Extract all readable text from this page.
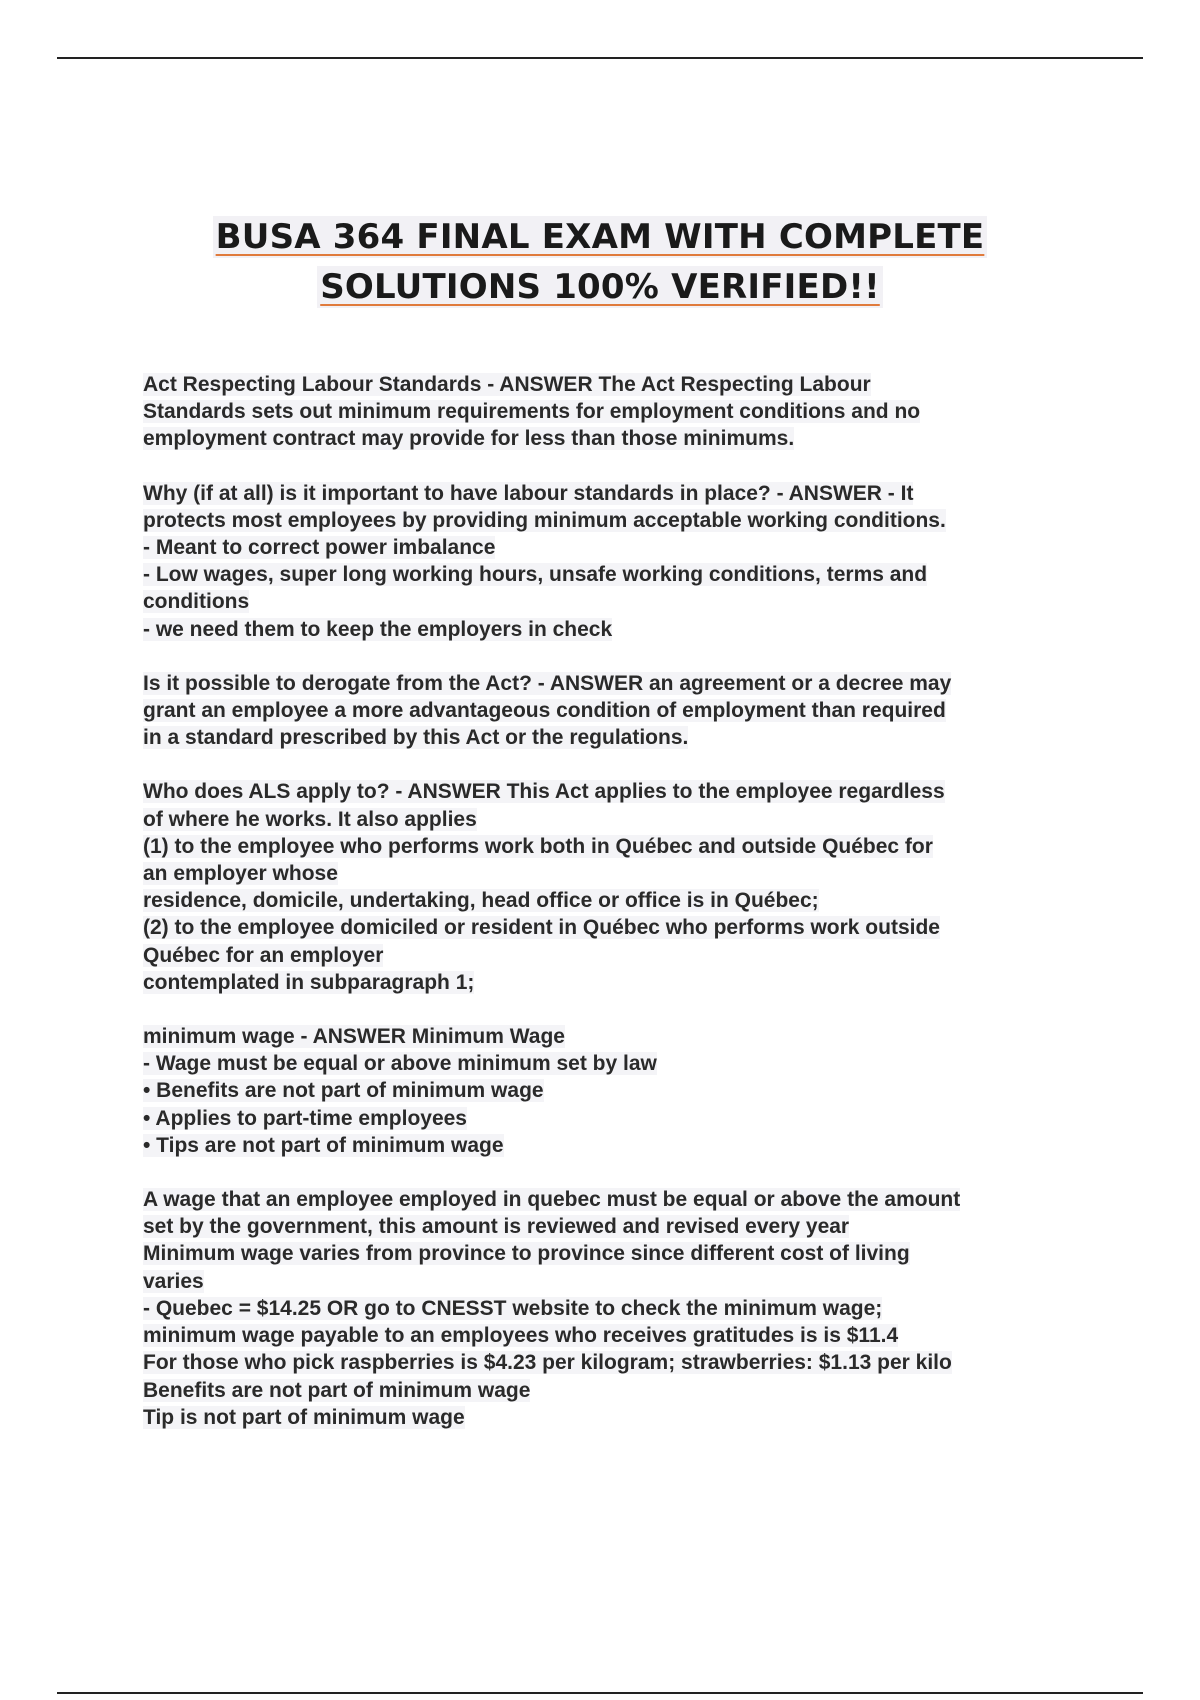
BUSA 364 FINAL EXAM WITH COMPLETE
SOLUTIONS 100% VERIFIED!!
Act Respecting Labour Standards - ANSWER The Act Respecting Labour
Standards sets out minimum requirements for employment conditions and no
employment contract may provide for less than those minimums.
Why (if at all) is it important to have labour standards in place? - ANSWER - It
protects most employees by providing minimum acceptable working conditions.
- Meant to correct power imbalance
- Low wages, super long working hours, unsafe working conditions, terms and
conditions
- we need them to keep the employers in check
Is it possible to derogate from the Act? - ANSWER an agreement or a decree may
grant an employee a more advantageous condition of employment than required
in a standard prescribed by this Act or the regulations.
Who does ALS apply to? - ANSWER This Act applies to the employee regardless
of where he works. It also applies
(1) to the employee who performs work both in Québec and outside Québec for
an employer whose
residence, domicile, undertaking, head office or office is in Québec;
(2) to the employee domiciled or resident in Québec who performs work outside
Québec for an employer
contemplated in subparagraph 1;
minimum wage - ANSWER Minimum Wage
- Wage must be equal or above minimum set by law
• Benefits are not part of minimum wage
• Applies to part-time employees
• Tips are not part of minimum wage
A wage that an employee employed in quebec must be equal or above the amount
set by the government, this amount is reviewed and revised every year
Minimum wage varies from province to province since different cost of living
varies
- Quebec = $14.25 OR go to CNESST website to check the minimum wage;
minimum wage payable to an employees who receives gratitudes is is $11.4
For those who pick raspberries is $4.23 per kilogram; strawberries: $1.13 per kilo
Benefits are not part of minimum wage
Tip is not part of minimum wage
